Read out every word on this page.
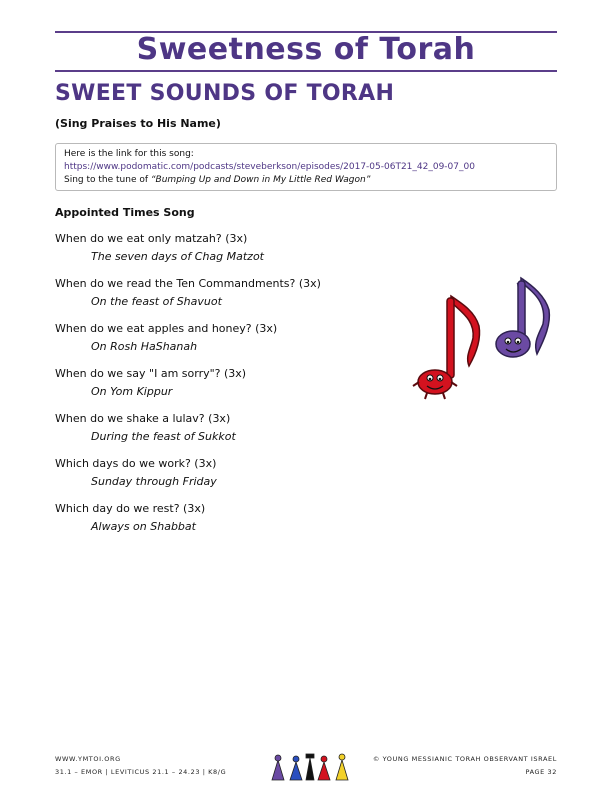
Sweetness of Torah
SWEET SOUNDS OF TORAH
(Sing Praises to His Name)
Here is the link for this song:
https://www.podomatic.com/podcasts/steveberkson/episodes/2017-05-06T21_42_09-07_00
Sing to the tune of “Bumping Up and Down in My Little Red Wagon”
Appointed Times Song
When do we eat only matzah? (3x)
The seven days of Chag Matzot
When do we read the Ten Commandments? (3x)
On the feast of Shavuot
When do we eat apples and honey? (3x)
On Rosh HaShanah
When do we say "I am sorry"? (3x)
On Yom Kippur
When do we shake a lulav? (3x)
During the feast of Sukkot
Which days do we work? (3x)
Sunday through Friday
Which day do we rest? (3x)
Always on Shabbat
WWW.YMTOI.ORG
31.1 – EMOR | LEVITICUS 21.1 – 24.23 | K8/G
© YOUNG MESSIANIC TORAH OBSERVANT ISRAEL
PAGE 32
